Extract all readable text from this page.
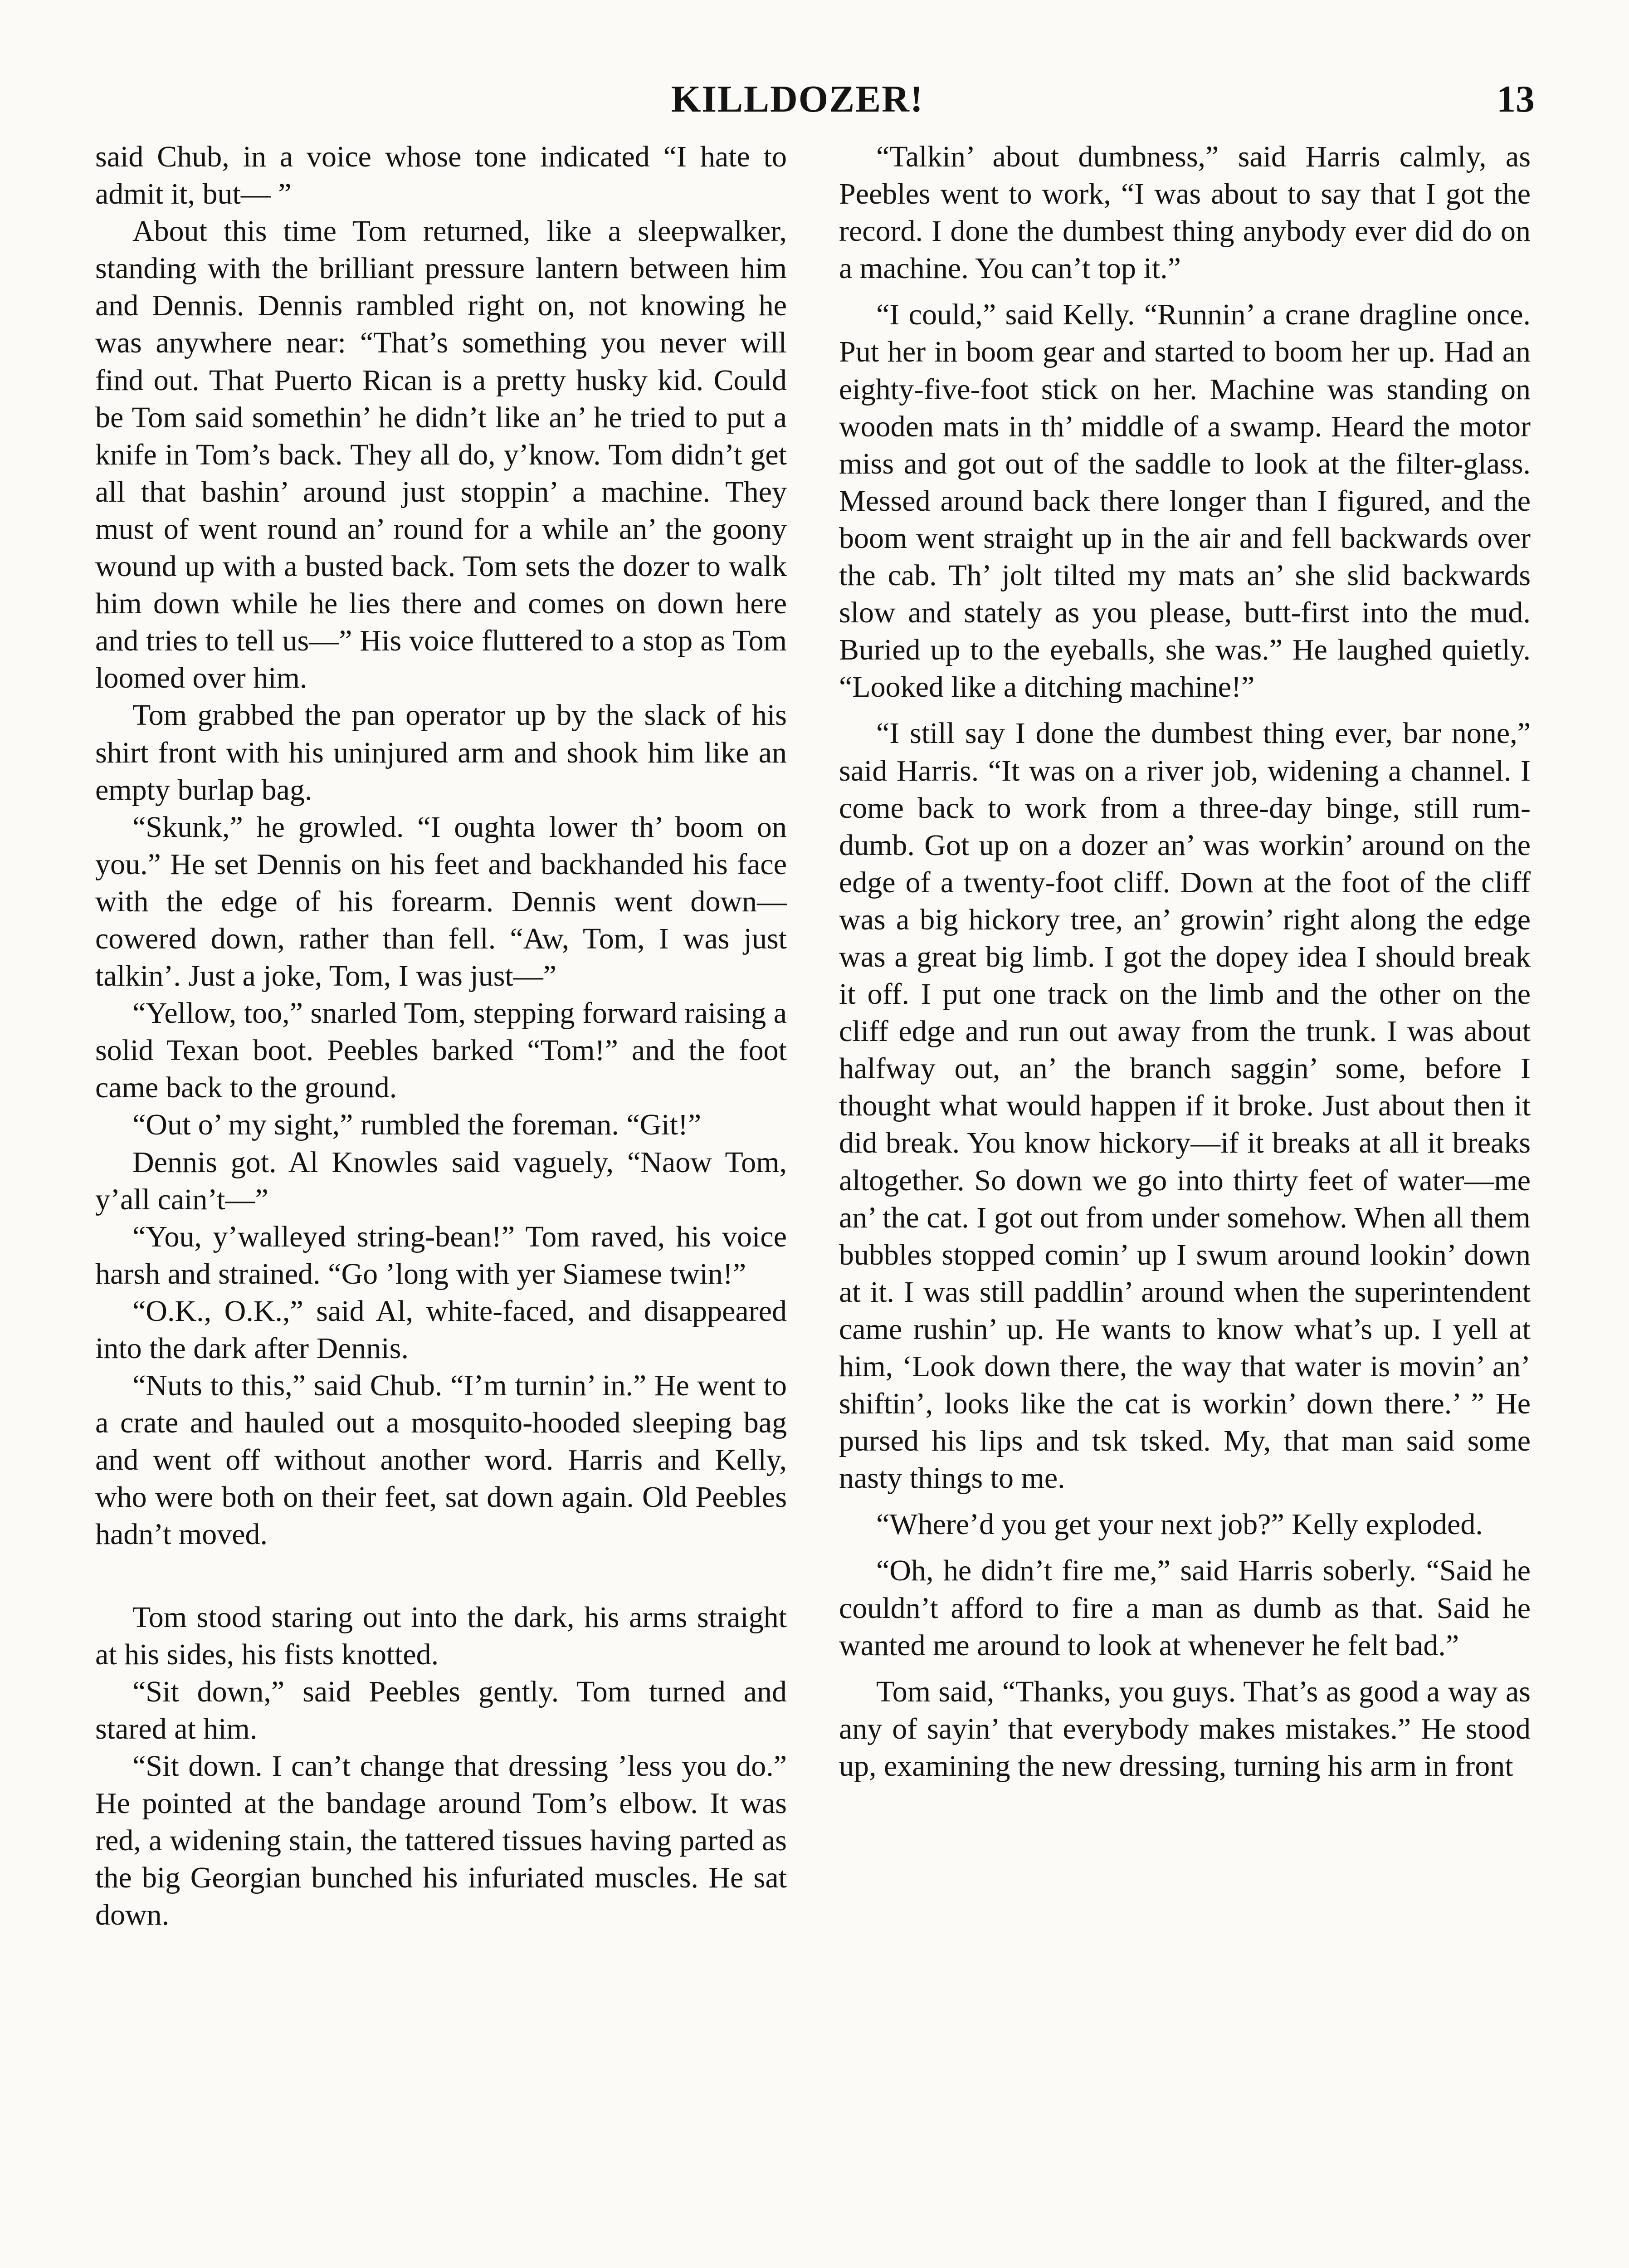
KILLDOZER!	13

said Chub, in a voice whose tone indicated “I hate to admit it, but— ”

About this time Tom returned, like a sleepwalker, standing with the brilliant pressure lantern between him and Dennis. Dennis rambled right on, not knowing he was anywhere near: “That’s something you never will find out. That Puerto Rican is a pretty husky kid. Could be Tom said somethin’ he didn’t like an’ he tried to put a knife in Tom’s back. They all do, y’know. Tom didn’t get all that bashin’ around just stoppin’ a machine. They must of went round an’ round for a while an’ the goony wound up with a busted back. Tom sets the dozer to walk him down while he lies there and comes on down here and tries to tell us—” His voice fluttered to a stop as Tom loomed over him.

Tom grabbed the pan operator up by the slack of his shirt front with his uninjured arm and shook him like an empty burlap bag.

“Skunk,” he growled. “I oughta lower th’ boom on you.” He set Dennis on his feet and backhanded his face with the edge of his forearm. Dennis went down—cowered down, rather than fell. “Aw, Tom, I was just talkin’. Just a joke, Tom, I was just—”

“Yellow, too,” snarled Tom, stepping forward raising a solid Texan boot. Peebles barked “Tom!” and the foot came back to the ground.

“Out o’ my sight,” rumbled the foreman. “Git!”

Dennis got. Al Knowles said vaguely, “Naow Tom, y’all cain’t—”

“You, y’walleyed string-bean!” Tom raved, his voice harsh and strained. “Go ’long with yer Siamese twin!”

“O.K., O.K.,” said Al, white-faced, and disappeared into the dark after Dennis.

“Nuts to this,” said Chub. “I’m turnin’ in.” He went to a crate and hauled out a mosquito-hooded sleeping bag and went off without another word. Harris and Kelly, who were both on their feet, sat down again. Old Peebles hadn’t moved.

Tom stood staring out into the dark, his arms straight at his sides, his fists knotted.

“Sit down,” said Peebles gently. Tom turned and stared at him.

“Sit down. I can’t change that dressing ’less you do.” He pointed at the bandage around Tom’s elbow. It was red, a widening stain, the tattered tissues having parted as the big Georgian bunched his infuriated muscles. He sat down.

“Talkin’ about dumbness,” said Harris calmly, as Peebles went to work, “I was about to say that I got the record. I done the dumbest thing anybody ever did do on a machine. You can’t top it.”

“I could,” said Kelly. “Runnin’ a crane dragline once. Put her in boom gear and started to boom her up. Had an eighty-five-foot stick on her. Machine was standing on wooden mats in th’ middle of a swamp. Heard the motor miss and got out of the saddle to look at the filter-glass. Messed around back there longer than I figured, and the boom went straight up in the air and fell backwards over the cab. Th’ jolt tilted my mats an’ she slid backwards slow and stately as you please, butt-first into the mud. Buried up to the eyeballs, she was.” He laughed quietly. “Looked like a ditching machine!”

“I still say I done the dumbest thing ever, bar none,” said Harris. “It was on a river job, widening a channel. I come back to work from a three-day binge, still rum-dumb. Got up on a dozer an’ was workin’ around on the edge of a twenty-foot cliff. Down at the foot of the cliff was a big hickory tree, an’ growin’ right along the edge was a great big limb. I got the dopey idea I should break it off. I put one track on the limb and the other on the cliff edge and run out away from the trunk. I was about halfway out, an’ the branch saggin’ some, before I thought what would happen if it broke. Just about then it did break. You know hickory—if it breaks at all it breaks altogether. So down we go into thirty feet of water—me an’ the cat. I got out from under somehow. When all them bubbles stopped comin’ up I swum around lookin’ down at it. I was still paddlin’ around when the superintendent came rushin’ up. He wants to know what’s up. I yell at him, ‘Look down there, the way that water is movin’ an’ shiftin’, looks like the cat is workin’ down there.’ ” He pursed his lips and tsk tsked. My, that man said some nasty things to me.

“Where’d you get your next job?” Kelly exploded.

“Oh, he didn’t fire me,” said Harris soberly. “Said he couldn’t afford to fire a man as dumb as that. Said he wanted me around to look at whenever he felt bad.”

Tom said, “Thanks, you guys. That’s as good a way as any of sayin’ that everybody makes mistakes.” He stood up, examining the new dressing, turning his arm in front
